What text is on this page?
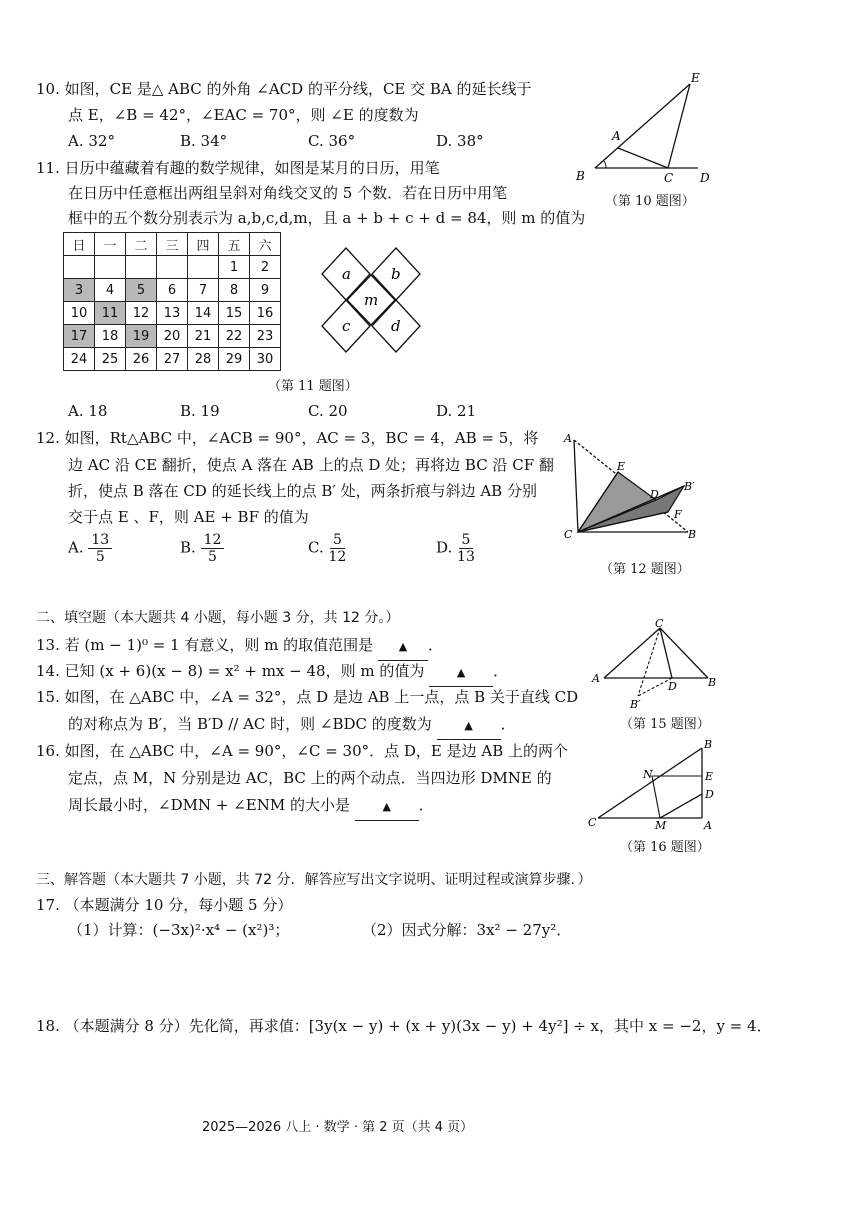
10. 如图，CE 是△ ABC 的外角 ∠ACD 的平分线，CE 交 BA 的延长线于
点 E，∠B = 42°，∠EAC = 70°，则 ∠E 的度数为
A. 32°	B. 34°	C. 36°	D. 38°
E
A
B	C D
（第 10 题图）
11. 日历中蕴藏着有趣的数学规律，如图是某月的日历，用笔
在日历中任意框出两组呈斜对角线交叉的 5 个数．若在日历中用笔
框中的五个数分别表示为 a,b,c,d,m，且 a + b + c + d = 84，则 m 的值为
日	一	二	三	四	五	六
					1	2
3	4	5	6	7	8	9
10	11	12	13	14	15	16
17	18	19	20	21	22	23
24	25	26	27	28	29	30
a	b
m
c	d
（第 11 题图）
A. 18	B. 19	C. 20	D. 21
12. 如图，Rt△ABC 中，∠ACB = 90°，AC = 3，BC = 4，AB = 5，将
边 AC 沿 CE 翻折，使点 A 落在 AB 上的点 D 处；再将边 BC 沿 CF 翻
折，使点 B 落在 CD 的延长线上的点 B′ 处，两条折痕与斜边 AB 分别
交于点 E 、F，则 AE + BF 的值为
A. $\frac{13}{5}$	B. $\frac{12}{5}$	C. $\frac{5}{12}$	D. $\frac{5}{13}$
A
E
D
B′
F
C	B
（第 12 题图）
二、填空题（本大题共 4 小题，每小题 3 分，共 12 分。）
13. 若 (m − 1)⁰ = 1 有意义，则 m 的取值范围是 ▲ ．
14. 已知 (x + 6)(x − 8) = x² + mx − 48，则 m 的值为	▲ ．
15. 如图，在 △ABC 中，∠A = 32°，点 D 是边 AB 上一点，点 B 关于直线 CD
的对称点为 B′，当 B′D // AC 时，则 ∠BDC 的度数为	▲ ．
C
A
D	B
B′
（第 15 题图）
16. 如图，在 △ABC 中，∠A = 90°，∠C = 30°．点 D，E 是边 AB 上的两个
定点，点 M，N 分别是边 AC，BC 上的两个动点．当四边形 DMNE 的
周长最小时，∠DMN + ∠ENM 的大小是	▲ ．
B
N	E
D
C	M	A
（第 16 题图）
三、解答题（本大题共 7 小题，共 72 分．解答应写出文字说明、证明过程或演算步骤．）
17. （本题满分 10 分，每小题 5 分）
（1）计算：(−3x)²·x⁴ − (x²)³；	（2）因式分解：3x² − 27y²．
18. （本题满分 8 分）先化简，再求值：[3y(x − y) + (x + y)(3x − y) + 4y²] ÷ x，其中 x = −2，y = 4．
2025—2026 八上 · 数学 · 第 2 页（共 4 页）
